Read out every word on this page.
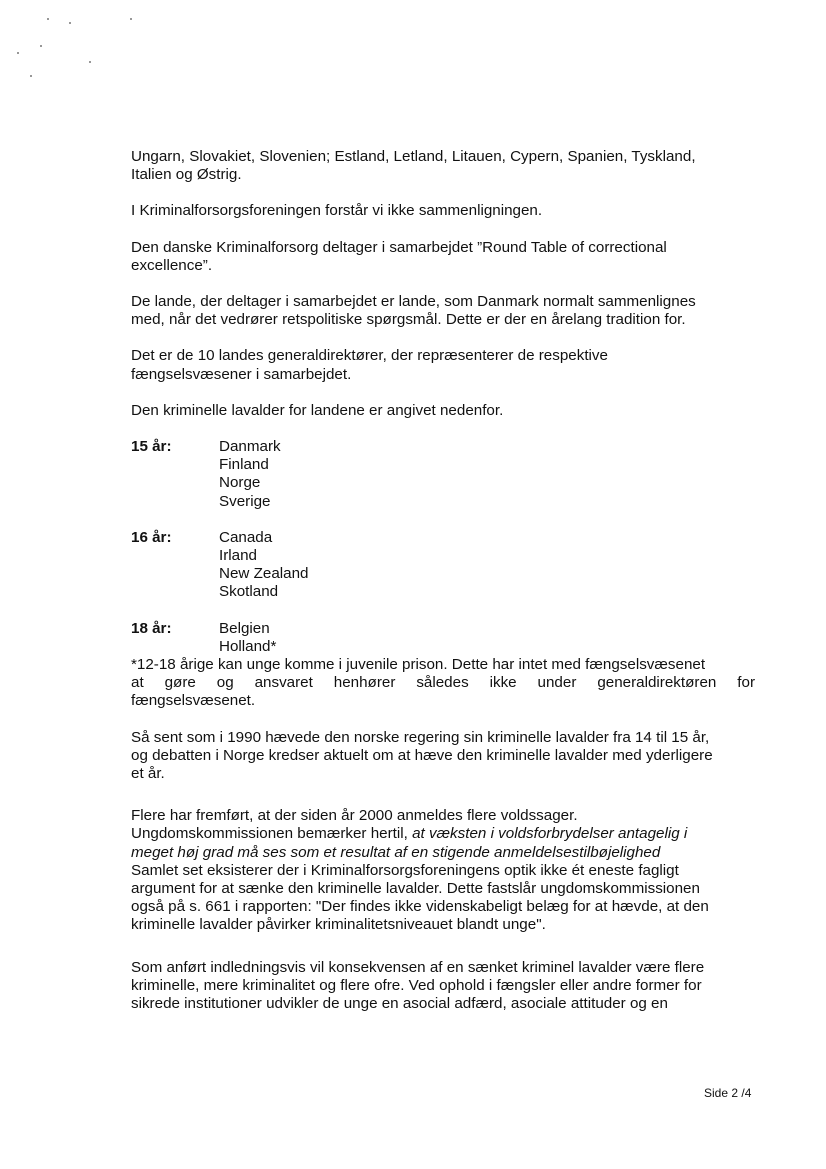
Ungarn, Slovakiet, Slovenien; Estland, Letland, Litauen, Cypern, Spanien, Tyskland,
Italien og Østrig.

I Kriminalforsorgsforeningen forstår vi ikke sammenligningen.

Den danske Kriminalforsorg deltager i samarbejdet ”Round Table of correctional
excellence”.

De lande, der deltager i samarbejdet er lande, som Danmark normalt sammenlignes
med, når det vedrører retspolitiske spørgsmål. Dette er der en årelang tradition for.

Det er de 10 landes generaldirektører, der repræsenterer de respektive
fængselsvæsener i samarbejdet.

Den kriminelle lavalder for landene er angivet nedenfor.

15 år:	Danmark
Finland
Norge
Sverige
16 år:	Canada
Irland
New Zealand
Skotland
18 år:	Belgien
Holland*

*12-18 årige kan unge komme i juvenile prison. Dette har intet med fængselsvæsenet

at gøre og ansvaret henhører således ikke under generaldirektøren for
fængselsvæsenet.

Så sent som i 1990 hævede den norske regering sin kriminelle lavalder fra 14 til 15 år,
og debatten i Norge kredser aktuelt om at hæve den kriminelle lavalder med yderligere
et år.

Flere har fremført, at der siden år 2000 anmeldes flere voldssager.
Ungdomskommissionen bemærker hertil, at væksten i voldsforbrydelser antagelig i
meget høj grad må ses som et resultat af en stigende anmeldelsestilbøjelighed

Samlet set eksisterer der i Kriminalforsorgsforeningens optik ikke ét eneste fagligt
argument for at sænke den kriminelle lavalder. Dette fastslår ungdomskommissionen
også på s. 661 i rapporten: "Der findes ikke videnskabeligt belæg for at hævde, at den
kriminelle lavalder påvirker kriminalitetsniveauet blandt unge".

Som anført indledningsvis vil konsekvensen af en sænket kriminel lavalder være flere
kriminelle, mere kriminalitet og flere ofre. Ved ophold i fængsler eller andre former for
sikrede institutioner udvikler de unge en asocial adfærd, asociale attituder og en

Side 2 /4
